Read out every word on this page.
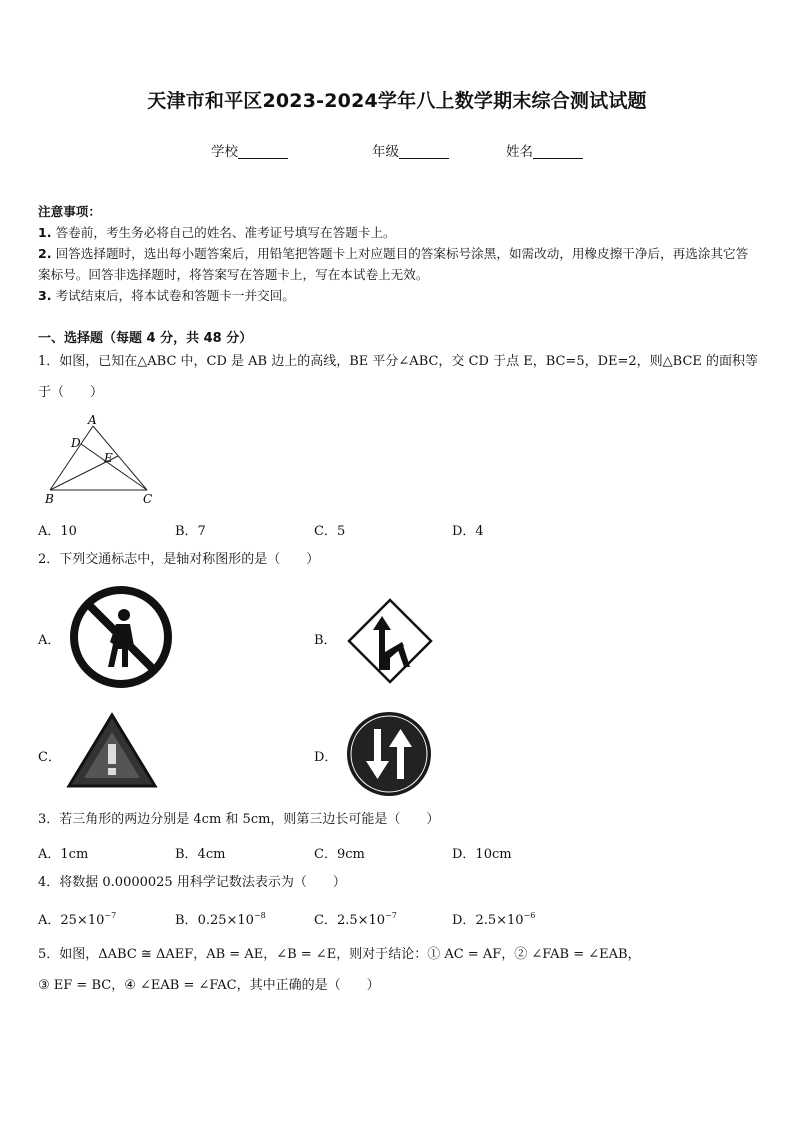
天津市和平区2023-2024学年八上数学期末综合测试试题
学校	年级	姓名
注意事项：
1. 答卷前，考生务必将自己的姓名、准考证号填写在答题卡上。
2. 回答选择题时，选出每小题答案后，用铅笔把答题卡上对应题目的答案标号涂黑，如需改动，用橡皮擦干净后，再选涂其它答案标号。回答非选择题时，将答案写在答题卡上，写在本试卷上无效。
3. 考试结束后，将本试卷和答题卡一并交回。
一、选择题（每题 4 分，共 48 分）
1．如图，已知在△ABC 中，CD 是 AB 边上的高线，BE 平分∠ABC，交 CD 于点 E，BC=5，DE=2，则△BCE 的面积等于（　　）
A
D
E
B	C
A．10	B．7	C．5	D．4
2．下列交通标志中，是轴对称图形的是（　　）
A．	B．
C．	D．
3．若三角形的两边分别是 4cm 和 5cm，则第三边长可能是（　　）
A．1cm	B．4cm	C．9cm	D．10cm
4．将数据 0.0000025 用科学记数法表示为（　　）
A．$25\times 10^{-7}$	B．$0.25\times 10^{-8}$	C．$2.5\times 10^{-7}$	D．$2.5\times 10^{-6}$
5．如图，ΔABC ≅ ΔAEF，AB = AE，∠B = ∠E，则对于结论：① AC = AF，② ∠FAB = ∠EAB，
③ EF = BC，④ ∠EAB = ∠FAC，其中正确的是（　　）
